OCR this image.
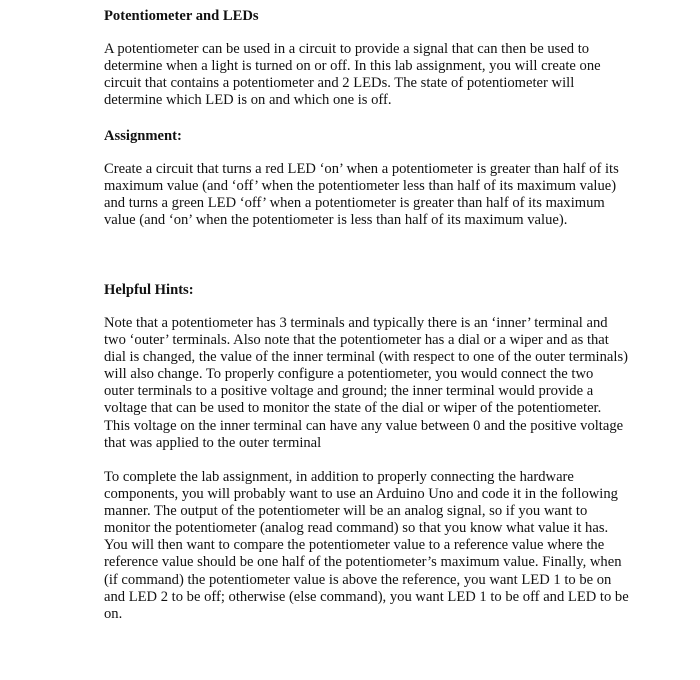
Potentiometer and LEDs
A potentiometer can be used in a circuit to provide a signal that can then be used to
determine when a light is turned on or off. In this lab assignment, you will create one
circuit that contains a potentiometer and 2 LEDs. The state of potentiometer will
determine which LED is on and which one is off.
Assignment:
Create a circuit that turns a red LED ‘on’ when a potentiometer is greater than half of its
maximum value (and ‘off’ when the potentiometer less than half of its maximum value)
and turns a green LED ‘off’ when a potentiometer is greater than half of its maximum
value (and ‘on’ when the potentiometer is less than half of its maximum value).
Helpful Hints:
Note that a potentiometer has 3 terminals and typically there is an ‘inner’ terminal and
two ‘outer’ terminals. Also note that the potentiometer has a dial or a wiper and as that
dial is changed, the value of the inner terminal (with respect to one of the outer terminals)
will also change. To properly configure a potentiometer, you would connect the two
outer terminals to a positive voltage and ground; the inner terminal would provide a
voltage that can be used to monitor the state of the dial or wiper of the potentiometer.
This voltage on the inner terminal can have any value between 0 and the positive voltage
that was applied to the outer terminal
To complete the lab assignment, in addition to properly connecting the hardware
components, you will probably want to use an Arduino Uno and code it in the following
manner. The output of the potentiometer will be an analog signal, so if you want to
monitor the potentiometer (analog read command) so that you know what value it has.
You will then want to compare the potentiometer value to a reference value where the
reference value should be one half of the potentiometer’s maximum value. Finally, when
(if command) the potentiometer value is above the reference, you want LED 1 to be on
and LED 2 to be off; otherwise (else command), you want LED 1 to be off and LED to be
on.
